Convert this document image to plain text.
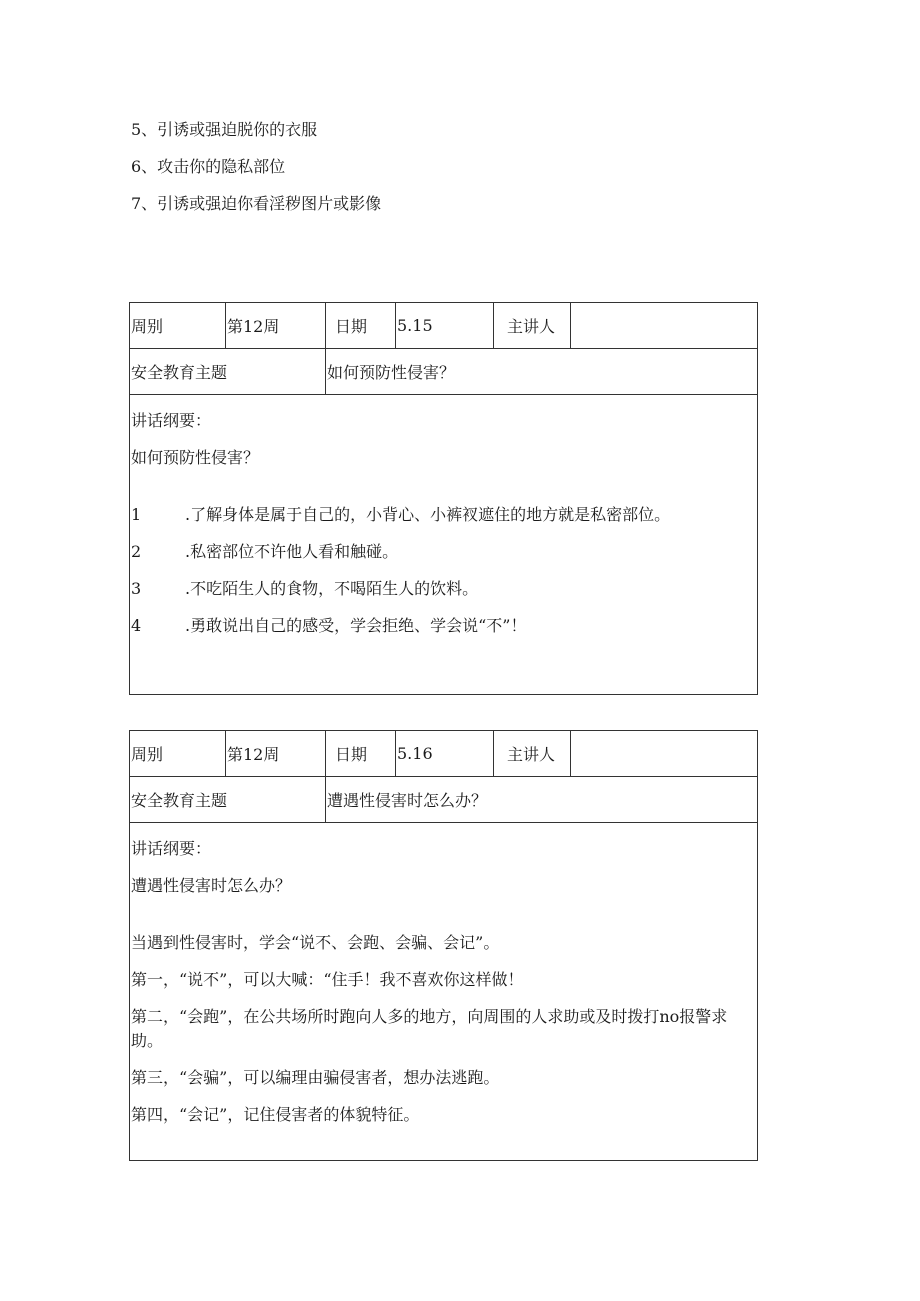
5、引诱或强迫脱你的衣服
6、攻击你的隐私部位
7、引诱或强迫你看淫秽图片或影像
周别	第12周	日期	5.15	主讲人
安全教育主题	如何预防性侵害？
讲话纲要：
如何预防性侵害？
1	.了解身体是属于自己的，小背心、小裤衩遮住的地方就是私密部位。
2	.私密部位不许他人看和触碰。
3	.不吃陌生人的食物，不喝陌生人的饮料。
4	.勇敢说出自己的感受，学会拒绝、学会说“不”！
周别	第12周	日期	5.16	主讲人
安全教育主题	遭遇性侵害时怎么办？
讲话纲要：
遭遇性侵害时怎么办？
当遇到性侵害时，学会“说不、会跑、会骗、会记”。
第一，“说不”，可以大喊：“住手！我不喜欢你这样做！
第二，“会跑”，在公共场所时跑向人多的地方，向周围的人求助或及时拨打no报警求助。
第三，“会骗”，可以编理由骗侵害者，想办法逃跑。
第四，“会记”，记住侵害者的体貌特征。
